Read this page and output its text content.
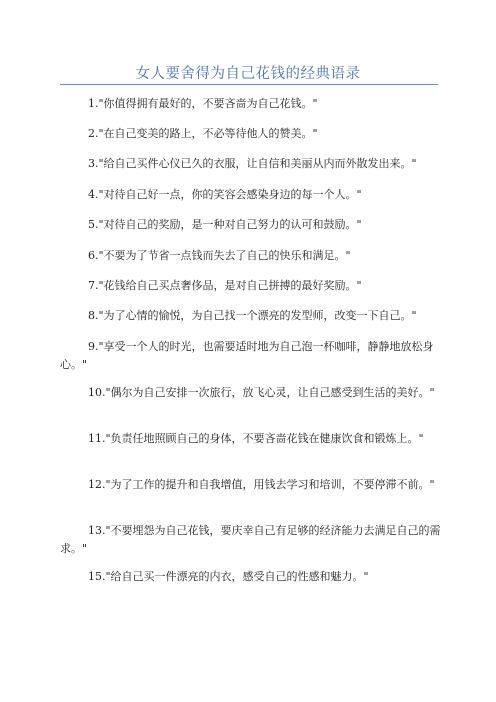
女人要舍得为自己花钱的经典语录
1."你值得拥有最好的，不要吝啬为自己花钱。"
2."在自己变美的路上，不必等待他人的赞美。"
3."给自己买件心仪已久的衣服，让自信和美丽从内而外散发出来。"
4."对待自己好一点，你的笑容会感染身边的每一个人。"
5."对待自己的奖励，是一种对自己努力的认可和鼓励。"
6."不要为了节省一点钱而失去了自己的快乐和满足。"
7."花钱给自己买点奢侈品，是对自己拼搏的最好奖励。"
8."为了心情的愉悦，为自己找一个漂亮的发型师，改变一下自己。"
9."享受一个人的时光，也需要适时地为自己泡一杯咖啡，静静地放松身心。"
10."偶尔为自己安排一次旅行，放飞心灵，让自己感受到生活的美好。"
11."负责任地照顾自己的身体，不要吝啬花钱在健康饮食和锻炼上。"
12."为了工作的提升和自我增值，用钱去学习和培训，不要停滞不前。"
13."不要埋怨为自己花钱，要庆幸自己有足够的经济能力去满足自己的需求。"
15."给自己买一件漂亮的内衣，感受自己的性感和魅力。"
